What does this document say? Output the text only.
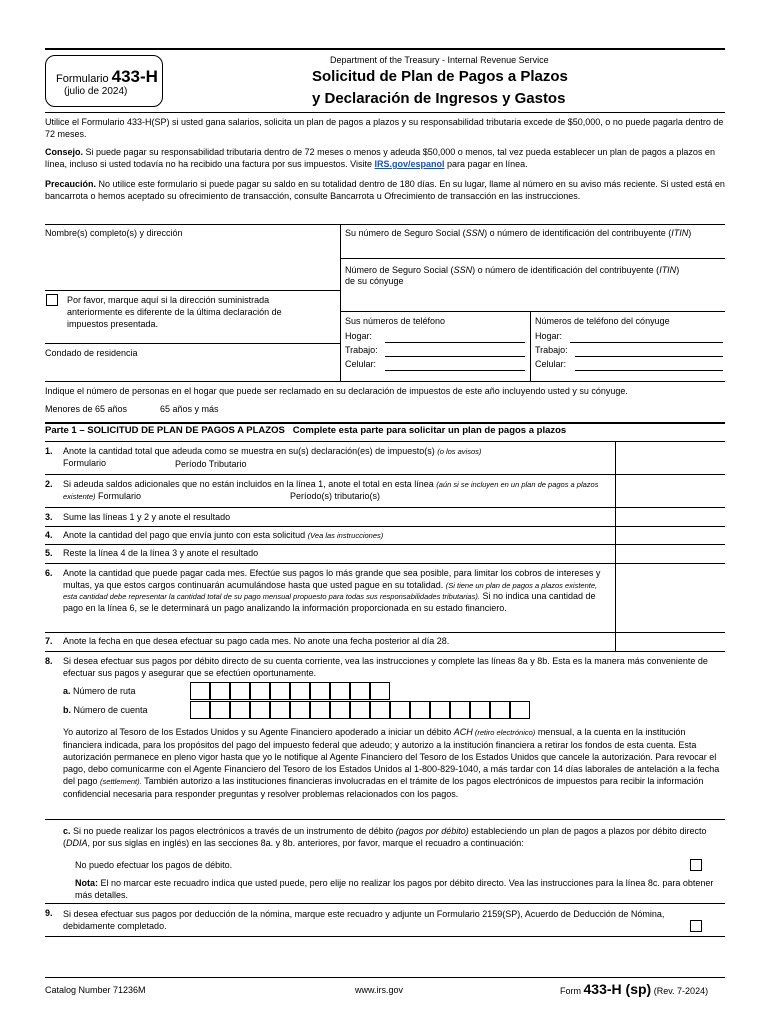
Formulario 433-H
(julio de 2024)
Department of the Treasury - Internal Revenue Service
Solicitud de Plan de Pagos a Plazos
y Declaración de Ingresos y Gastos
Utilice el Formulario 433-H(SP) si usted gana salarios, solicita un plan de pagos a plazos y su responsabilidad tributaria excede de $50,000, o no puede pagarla dentro de 72 meses.
Consejo. Si puede pagar su responsabilidad tributaria dentro de 72 meses o menos y adeuda $50,000 o menos, tal vez pueda establecer un plan de pagos a plazos en línea, incluso si usted todavía no ha recibido una factura por sus impuestos. Visite IRS.gov/espanol para pagar en línea.
Precaución. No utilice este formulario si puede pagar su saldo en su totalidad dentro de 180 días. En su lugar, llame al número en su aviso más reciente. Si usted está en bancarrota o hemos aceptado su ofrecimiento de transacción, consulte Bancarrota u Ofrecimiento de transacción en las instrucciones.
Nombre(s) completo(s) y dirección	Su número de Seguro Social (SSN) o número de identificación del contribuyente (ITIN)
Número de Seguro Social (SSN) o número de identificación del contribuyente (ITIN)
de su cónyuge
Por favor, marque aquí si la dirección suministrada anteriormente es diferente de la última declaración de impuestos presentada.	Sus números de teléfono
Hogar:
Trabajo:
Celular:
Números de teléfono del cónyuge
Hogar:
Trabajo:
Celular:
Condado de residencia
Indique el número de personas en el hogar que puede ser reclamado en su declaración de impuestos de este año incluyendo usted y su cónyuge.
Menores de 65 años	65 años y más
Parte 1 – SOLICITUD DE PLAN DE PAGOS A PLAZOS Complete esta parte para solicitar un plan de pagos a plazos
1. Anote la cantidad total que adeuda como se muestra en su(s) declaración(es) de impuesto(s) (o los avisos)
Formulario	Período Tributario
2. Si adeuda saldos adicionales que no están incluidos en la línea 1, anote el total en esta línea (aún si se incluyen en un plan de pagos a plazos existente) Formulario	Período(s) tributario(s)
3. Sume las líneas 1 y 2 y anote el resultado
4. Anote la cantidad del pago que envía junto con esta solicitud (Vea las instrucciones)
5. Reste la línea 4 de la línea 3 y anote el resultado
6. Anote la cantidad que puede pagar cada mes. Efectúe sus pagos lo más grande que sea posible, para limitar los cobros de intereses y multas, ya que estos cargos continuarán acumulándose hasta que usted pague en su totalidad. (Si tiene un plan de pagos a plazos existente, esta cantidad debe representar la cantidad total de su pago mensual propuesto para todas sus responsabilidades tributarias). Si no indica una cantidad de pago en la línea 6, se le determinará un pago analizando la información proporcionada en su estado financiero.
7. Anote la fecha en que desea efectuar su pago cada mes. No anote una fecha posterior al día 28.
8. Si desea efectuar sus pagos por débito directo de su cuenta corriente, vea las instrucciones y complete las líneas 8a y 8b. Esta es la manera más conveniente de efectuar sus pagos y asegurar que se efectúen oportunamente.
a. Número de ruta
b. Número de cuenta
Yo autorizo al Tesoro de los Estados Unidos y su Agente Financiero apoderado a iniciar un débito ACH (retiro electrónico) mensual, a la cuenta en la institución financiera indicada, para los propósitos del pago del impuesto federal que adeudo; y autorizo a la institución financiera a retirar los fondos de esta cuenta. Esta autorización permanece en pleno vigor hasta que yo le notifique al Agente Financiero del Tesoro de los Estados Unidos que cancele la autorización. Para revocar el pago, debo comunicarme con el Agente Financiero del Tesoro de los Estados Unidos al 1-800-829-1040, a más tardar con 14 días laborales de antelación a la fecha del pago (settlement). También autorizo a las instituciones financieras involucradas en el trámite de los pagos electrónicos de impuestos para recibir la información confidencial necesaria para responder preguntas y resolver problemas relacionados con los pagos.
c. Si no puede realizar los pagos electrónicos a través de un instrumento de débito (pagos por débito) estableciendo un plan de pagos a plazos por débito directo (DDIA, por sus siglas en inglés) en las secciones 8a. y 8b. anteriores, por favor, marque el recuadro a continuación:
No puedo efectuar los pagos de débito.
Nota: El no marcar este recuadro indica que usted puede, pero elije no realizar los pagos por débito directo. Vea las instrucciones para la línea 8c. para obtener más detalles.
9. Si desea efectuar sus pagos por deducción de la nómina, marque este recuadro y adjunte un Formulario 2159(SP), Acuerdo de Deducción de Nómina, debidamente completado.
Catalog Number 71236M	www.irs.gov	Form 433-H (sp) (Rev. 7-2024)
